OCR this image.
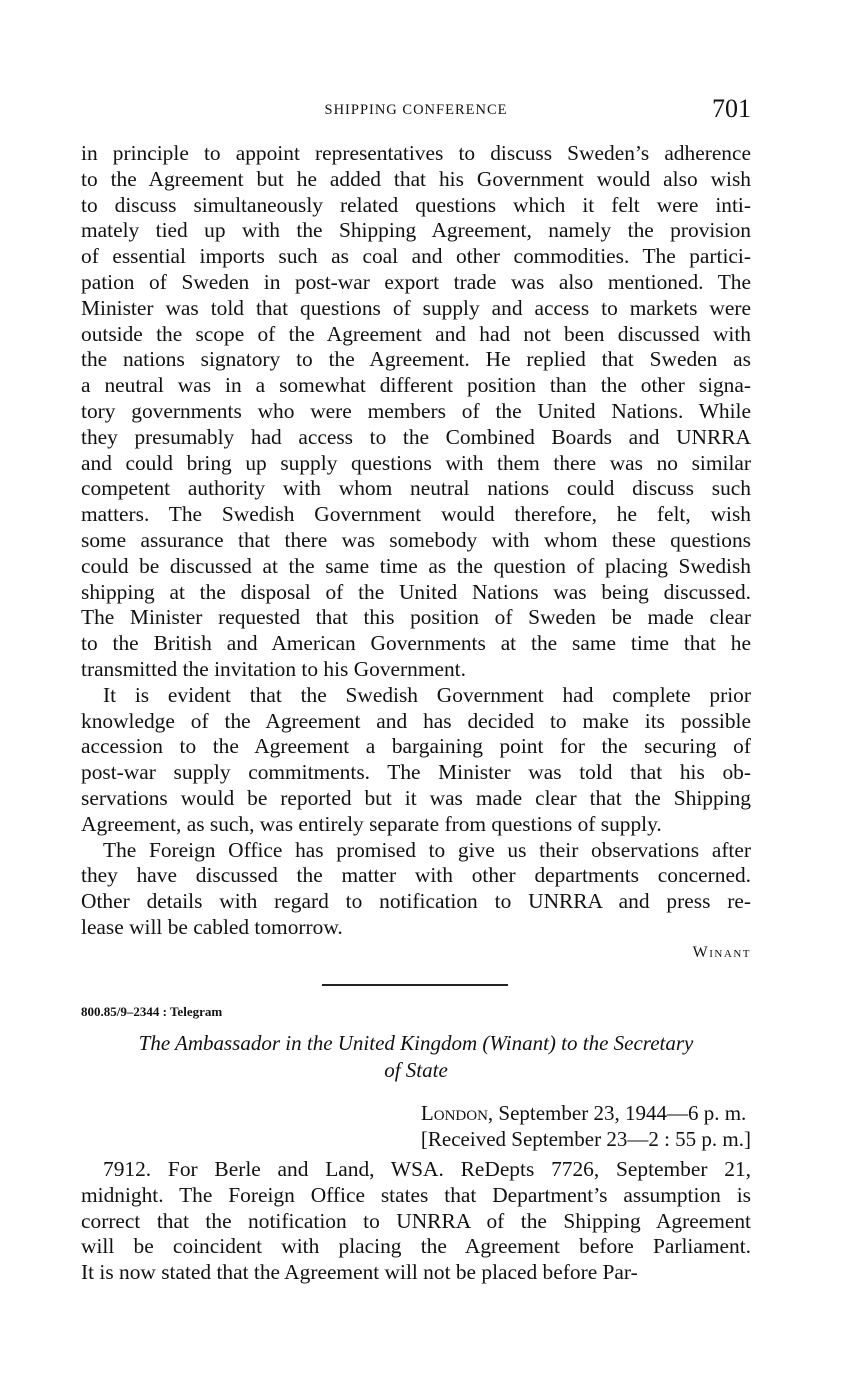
SHIPPING CONFERENCE	701
in principle to appoint representatives to discuss Sweden’s adherence
to the Agreement but he added that his Government would also wish
to discuss simultaneously related questions which it felt were inti-
mately tied up with the Shipping Agreement, namely the provision
of essential imports such as coal and other commodities. The partici-
pation of Sweden in post-war export trade was also mentioned. The
Minister was told that questions of supply and access to markets were
outside the scope of the Agreement and had not been discussed with
the nations signatory to the Agreement. He replied that Sweden as
a neutral was in a somewhat different position than the other signa-
tory governments who were members of the United Nations. While
they presumably had access to the Combined Boards and UNRRA
and could bring up supply questions with them there was no similar
competent authority with whom neutral nations could discuss such
matters. The Swedish Government would therefore, he felt, wish
some assurance that there was somebody with whom these questions
could be discussed at the same time as the question of placing Swedish
shipping at the disposal of the United Nations was being discussed.
The Minister requested that this position of Sweden be made clear
to the British and American Governments at the same time that he
transmitted the invitation to his Government.
It is evident that the Swedish Government had complete prior
knowledge of the Agreement and has decided to make its possible
accession to the Agreement a bargaining point for the securing of
post-war supply commitments. The Minister was told that his ob-
servations would be reported but it was made clear that the Shipping
Agreement, as such, was entirely separate from questions of supply.
The Foreign Office has promised to give us their observations after
they have discussed the matter with other departments concerned.
Other details with regard to notification to UNRRA and press re-
lease will be cabled tomorrow.
Winant
800.85/9–2344 : Telegram
The Ambassador in the United Kingdom (Winant) to the Secretary
of State
London, September 23, 1944—6 p. m.
[Received September 23—2 : 55 p. m.]
7912. For Berle and Land, WSA. ReDepts 7726, September 21,
midnight. The Foreign Office states that Department’s assumption is
correct that the notification to UNRRA of the Shipping Agreement
will be coincident with placing the Agreement before Parliament.
It is now stated that the Agreement will not be placed before Par-
